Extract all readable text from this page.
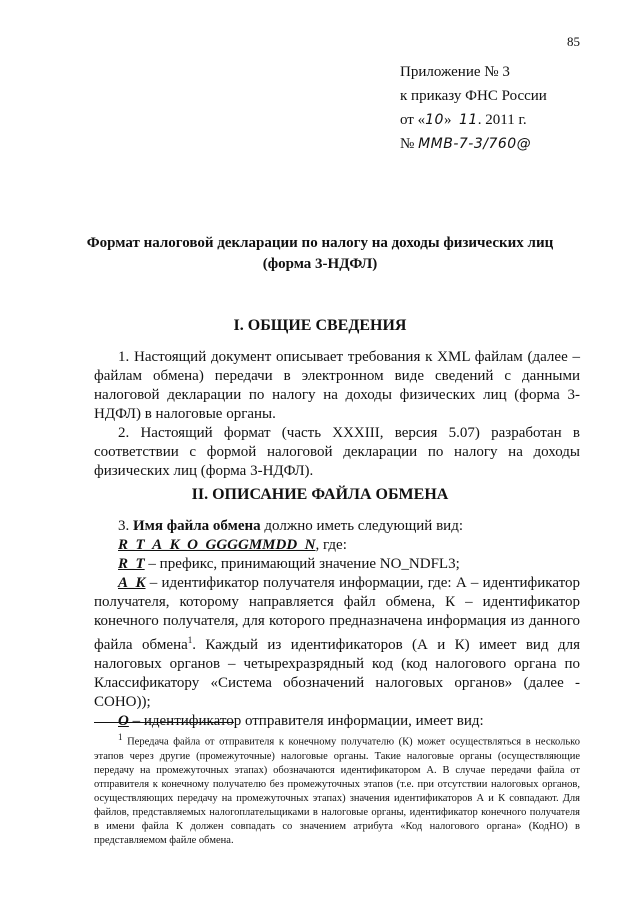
85
Приложение № 3
к приказу ФНС России
от «10» 11. 2011 г.
№ ММВ-7-3/760@
Формат налоговой декларации по налогу на доходы физических лиц
(форма 3-НДФЛ)
I. ОБЩИЕ СВЕДЕНИЯ
1. Настоящий документ описывает требования к XML файлам (далее – файлам обмена) передачи в электронном виде сведений с данными налоговой декларации по налогу на доходы физических лиц (форма 3-НДФЛ) в налоговые органы.
2. Настоящий формат (часть XXXIII, версия 5.07) разработан в соответствии с формой налоговой декларации по налогу на доходы физических лиц (форма 3-НДФЛ).
II. ОПИСАНИЕ ФАЙЛА ОБМЕНА

3. Имя файла обмена должно иметь следующий вид:

R_T_A_K_O_GGGGMMDD_N, где:

R_T – префикс, принимающий значение NO_NDFL3;

A_K – идентификатор получателя информации, где: А – идентификатор получателя, которому направляется файл обмена, К – идентификатор конечного получателя, для которого предназначена информация из данного файла обмена$^1$. Каждый из идентификаторов (А и К) имеет вид для налоговых органов – четырехразрядный код (код налогового органа по Классификатору «Система обозначений налоговых органов» (далее - СОНО));

O – идентификатор отправителя информации, имеет вид:

$^1$ Передача файла от отправителя к конечному получателю (К) может осуществляться в несколько этапов через другие (промежуточные) налоговые органы. Такие налоговые органы (осуществляющие передачу на промежуточных этапах) обозначаются идентификатором А. В случае передачи файла от отправителя к конечному получателю без промежуточных этапов (т.е. при отсутствии налоговых органов, осуществляющих передачу на промежуточных этапах) значения идентификаторов А и К совпадают. Для файлов, представляемых налогоплательщиками в налоговые органы, идентификатор конечного получателя в имени файла К должен совпадать со значением атрибута «Код налогового органа» (КодНО) в представляемом файле обмена.
